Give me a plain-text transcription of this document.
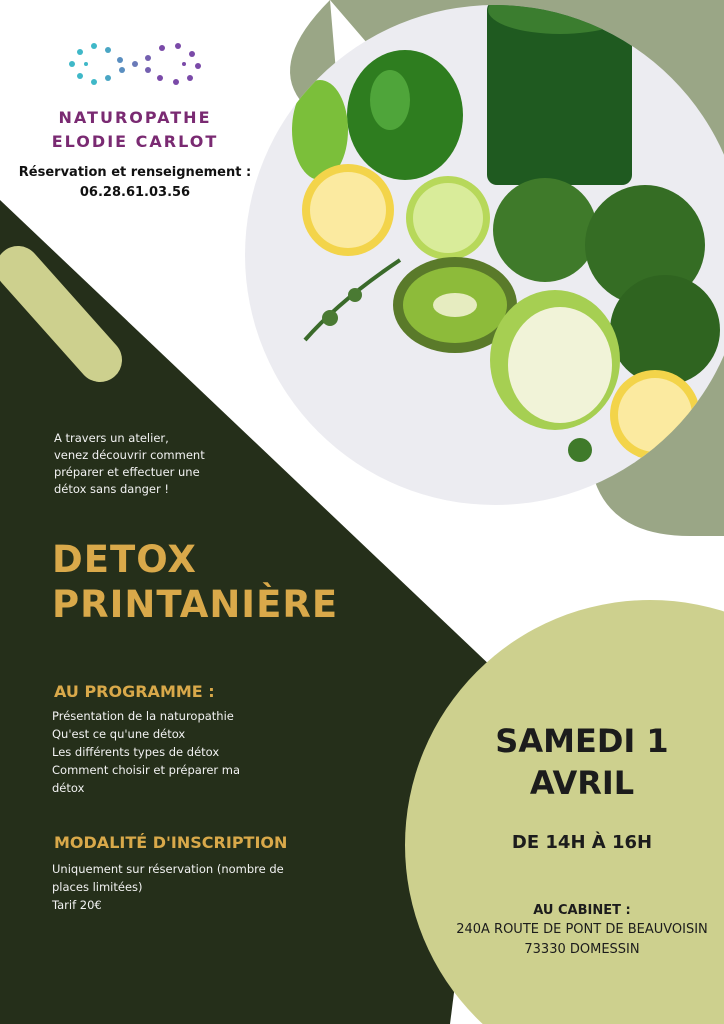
NATUROPATHE
ELODIE CARLOT
Réservation et renseignement :
06.28.61.03.56
A travers un atelier,
venez découvrir comment
préparer et effectuer une
détox sans danger !
DETOX
PRINTANIÈRE
AU PROGRAMME :
Présentation de la naturopathie
Qu'est ce qu'une détox
Les différents types de détox
Comment choisir et préparer ma
détox
MODALITÉ D'INSCRIPTION
Uniquement sur réservation (nombre de
places limitées)
Tarif 20€
SAMEDI 1
AVRIL
DE 14H À 16H
AU CABINET :
240A ROUTE DE PONT DE BEAUVOISIN
73330 DOMESSIN
